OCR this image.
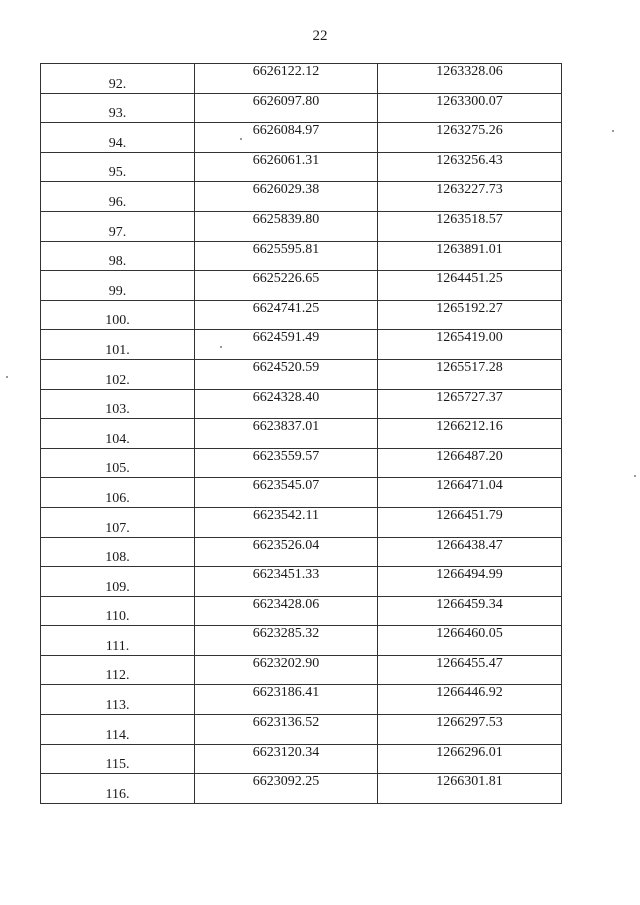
22
92.	6626122.12	1263328.06
93.	6626097.80	1263300.07
94.	6626084.97	1263275.26
95.	6626061.31	1263256.43
96.	6626029.38	1263227.73
97.	6625839.80	1263518.57
98.	6625595.81	1263891.01
99.	6625226.65	1264451.25
100.	6624741.25	1265192.27
101.	6624591.49	1265419.00
102.	6624520.59	1265517.28
103.	6624328.40	1265727.37
104.	6623837.01	1266212.16
105.	6623559.57	1266487.20
106.	6623545.07	1266471.04
107.	6623542.11	1266451.79
108.	6623526.04	1266438.47
109.	6623451.33	1266494.99
110.	6623428.06	1266459.34
111.	6623285.32	1266460.05
112.	6623202.90	1266455.47
113.	6623186.41	1266446.92
114.	6623136.52	1266297.53
115.	6623120.34	1266296.01
116.	6623092.25	1266301.81
